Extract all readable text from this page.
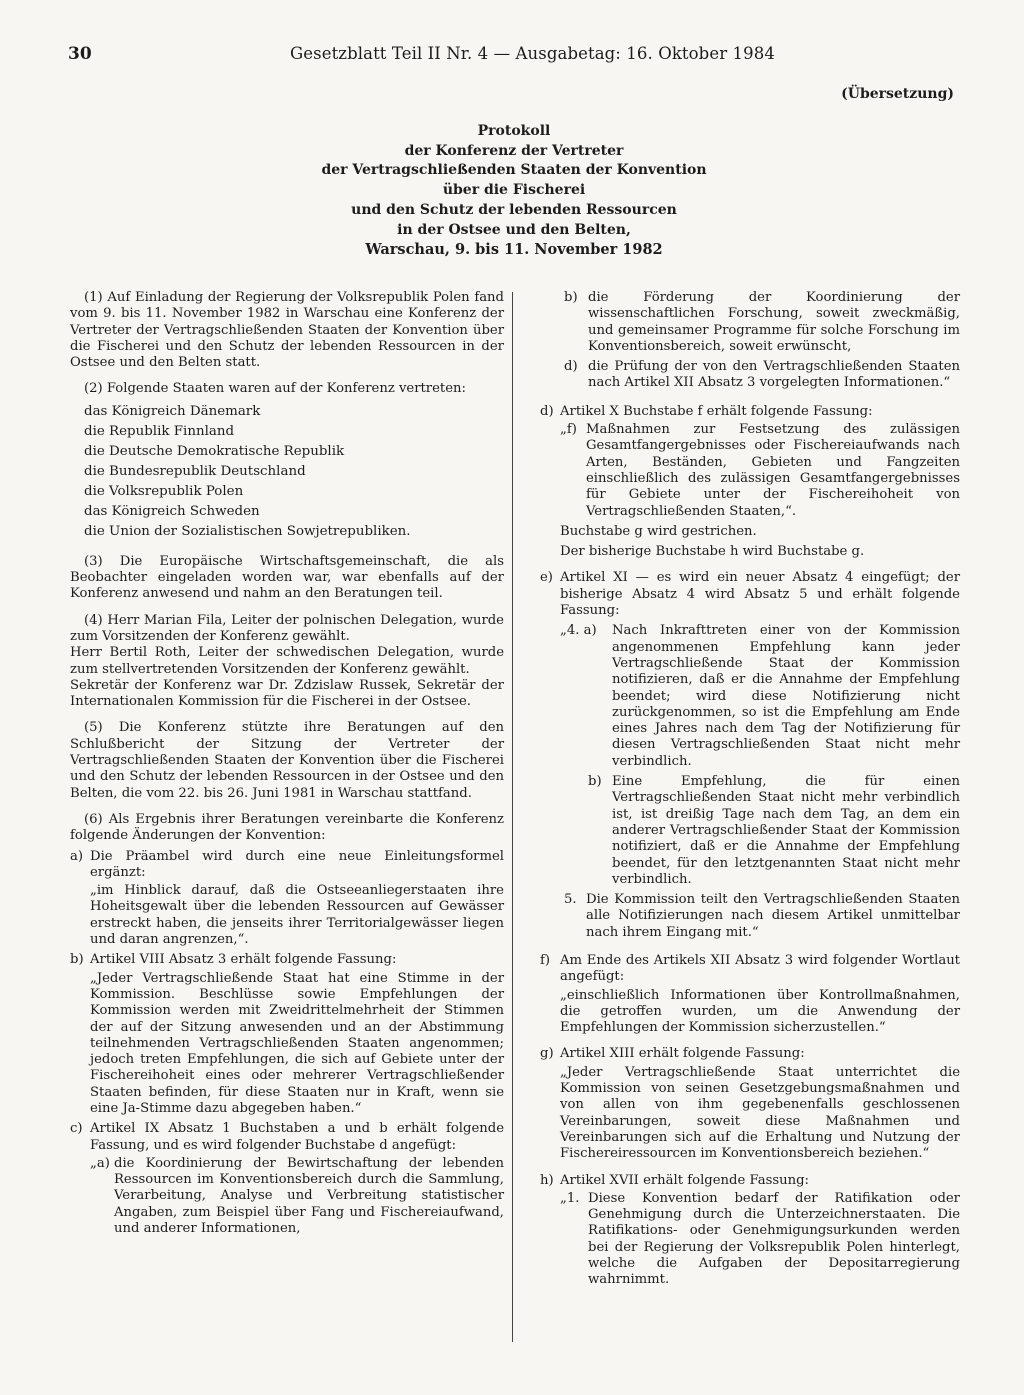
30	Gesetzblatt Teil II Nr. 4 — Ausgabetag: 16. Oktober 1984
(Übersetzung)
Protokoll
der Konferenz der Vertreter
der Vertragschließenden Staaten der Konvention
über die Fischerei
und den Schutz der lebenden Ressourcen
in der Ostsee und den Belten,
Warschau, 9. bis 11. November 1982

(1) Auf Einladung der Regierung der Volksrepublik Polen fand vom 9. bis 11. November 1982 in Warschau eine Konferenz der Vertreter der Vertragschließenden Staaten der Konvention über die Fischerei und den Schutz der lebenden Ressourcen in der Ostsee und den Belten statt.

(2) Folgende Staaten waren auf der Konferenz vertreten:

das Königreich Dänemark
die Republik Finnland
die Deutsche Demokratische Republik
die Bundesrepublik Deutschland
die Volksrepublik Polen
das Königreich Schweden
die Union der Sozialistischen Sowjetrepubliken.

(3) Die Europäische Wirtschaftsgemeinschaft, die als Beobachter eingeladen worden war, war ebenfalls auf der Konferenz anwesend und nahm an den Beratungen teil.

(4) Herr Marian Fila, Leiter der polnischen Delegation, wurde zum Vorsitzenden der Konferenz gewählt.

Herr Bertil Roth, Leiter der schwedischen Delegation, wurde zum stellvertretenden Vorsitzenden der Konferenz gewählt.

Sekretär der Konferenz war Dr. Zdzislaw Russek, Sekretär der Internationalen Kommission für die Fischerei in der Ostsee.

(5) Die Konferenz stützte ihre Beratungen auf den Schlußbericht der Sitzung der Vertreter der Vertragschließenden Staaten der Konvention über die Fischerei und den Schutz der lebenden Ressourcen in der Ostsee und den Belten, die vom 22. bis 26. Juni 1981 in Warschau stattfand.

(6) Als Ergebnis ihrer Beratungen vereinbarte die Konferenz folgende Änderungen der Konvention:

a) Die Präambel wird durch eine neue Einleitungsformel ergänzt:

„im Hinblick darauf, daß die Ostseeanliegerstaaten ihre Hoheitsgewalt über die lebenden Ressourcen auf Gewässer erstreckt haben, die jenseits ihrer Territorialgewässer liegen und daran angrenzen,“.

b) Artikel VIII Absatz 3 erhält folgende Fassung:

„Jeder Vertragschließende Staat hat eine Stimme in der Kommission. Beschlüsse sowie Empfehlungen der Kommission werden mit Zweidrittelmehrheit der Stimmen der auf der Sitzung anwesenden und an der Abstimmung teilnehmenden Vertragschließenden Staaten angenommen; jedoch treten Empfehlungen, die sich auf Gebiete unter der Fischereihoheit eines oder mehrerer Vertragschließender Staaten befinden, für diese Staaten nur in Kraft, wenn sie eine Ja-Stimme dazu abgegeben haben.“

c) Artikel IX Absatz 1 Buchstaben a und b erhält folgende Fassung, und es wird folgender Buchstabe d angefügt:

„a) die Koordinierung der Bewirtschaftung der lebenden Ressourcen im Konventionsbereich durch die Sammlung, Verarbeitung, Analyse und Verbreitung statistischer Angaben, zum Beispiel über Fang und Fischereiaufwand, und anderer Informationen,

b) die Förderung der Koordinierung der wissenschaftlichen Forschung, soweit zweckmäßig, und gemeinsamer Programme für solche Forschung im Konventionsbereich, soweit erwünscht,

d) die Prüfung der von den Vertragschließenden Staaten nach Artikel XII Absatz 3 vorgelegten Informationen.“

d) Artikel X Buchstabe f erhält folgende Fassung:

„f) Maßnahmen zur Festsetzung des zulässigen Gesamtfangergebnisses oder Fischereiaufwands nach Arten, Beständen, Gebieten und Fangzeiten einschließlich des zulässigen Gesamtfangergebnisses für Gebiete unter der Fischereihoheit von Vertragschließenden Staaten,“.

Buchstabe g wird gestrichen.

Der bisherige Buchstabe h wird Buchstabe g.

e) Artikel XI — es wird ein neuer Absatz 4 eingefügt; der bisherige Absatz 4 wird Absatz 5 und erhält folgende Fassung:

„4. a) Nach Inkrafttreten einer von der Kommission angenommenen Empfehlung kann jeder Vertragschließende Staat der Kommission notifizieren, daß er die Annahme der Empfehlung beendet; wird diese Notifizierung nicht zurückgenommen, so ist die Empfehlung am Ende eines Jahres nach dem Tag der Notifizierung für diesen Vertragschließenden Staat nicht mehr verbindlich.

b) Eine Empfehlung, die für einen Vertragschließenden Staat nicht mehr verbindlich ist, ist dreißig Tage nach dem Tag, an dem ein anderer Vertragschließender Staat der Kommission notifiziert, daß er die Annahme der Empfehlung beendet, für den letztgenannten Staat nicht mehr verbindlich.

5. Die Kommission teilt den Vertragschließenden Staaten alle Notifizierungen nach diesem Artikel unmittelbar nach ihrem Eingang mit.“

f) Am Ende des Artikels XII Absatz 3 wird folgender Wortlaut angefügt:

„einschließlich Informationen über Kontrollmaßnahmen, die getroffen wurden, um die Anwendung der Empfehlungen der Kommission sicherzustellen.“

g) Artikel XIII erhält folgende Fassung:

„Jeder Vertragschließende Staat unterrichtet die Kommission von seinen Gesetzgebungsmaßnahmen und von allen von ihm gegebenenfalls geschlossenen Vereinbarungen, soweit diese Maßnahmen und Vereinbarungen sich auf die Erhaltung und Nutzung der Fischereiressourcen im Konventionsbereich beziehen.“

h) Artikel XVII erhält folgende Fassung:

„1. Diese Konvention bedarf der Ratifikation oder Genehmigung durch die Unterzeichnerstaaten. Die Ratifikations- oder Genehmigungsurkunden werden bei der Regierung der Volksrepublik Polen hinterlegt, welche die Aufgaben der Depositarregierung wahrnimmt.
